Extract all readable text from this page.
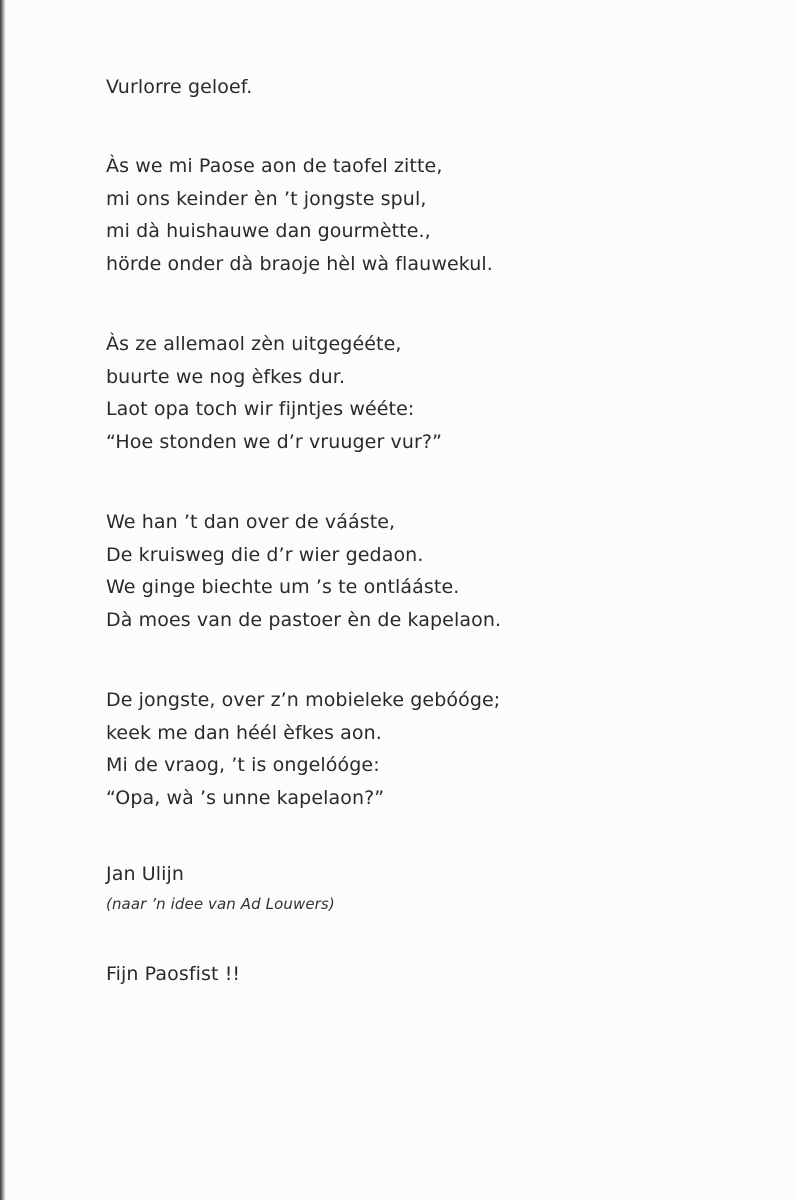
Vurlorre geloef.
Às we mi Paose aon de taofel zitte,
mi ons keinder èn ’t jongste spul,
mi dà huishauwe dan gourmètte.,
hörde onder dà braoje hèl wà flauwekul.
Às ze allemaol zèn uitgegééte,
buurte we nog èfkes dur.
Laot opa toch wir fijntjes wééte:
“Hoe stonden we d’r vruuger vur?”
We han ’t dan over de vááste,
De kruisweg die d’r wier gedaon.
We ginge biechte um ’s te ontlááste.
Dà moes van de pastoer èn de kapelaon.
De jongste, over z’n mobieleke gebóóge;
keek me dan héél èfkes aon.
Mi de vraog, ’t is ongelóóge:
“Opa, wà ’s unne kapelaon?”
Jan Ulijn
(naar ’n idee van Ad Louwers)
Fijn Paosfist !!
